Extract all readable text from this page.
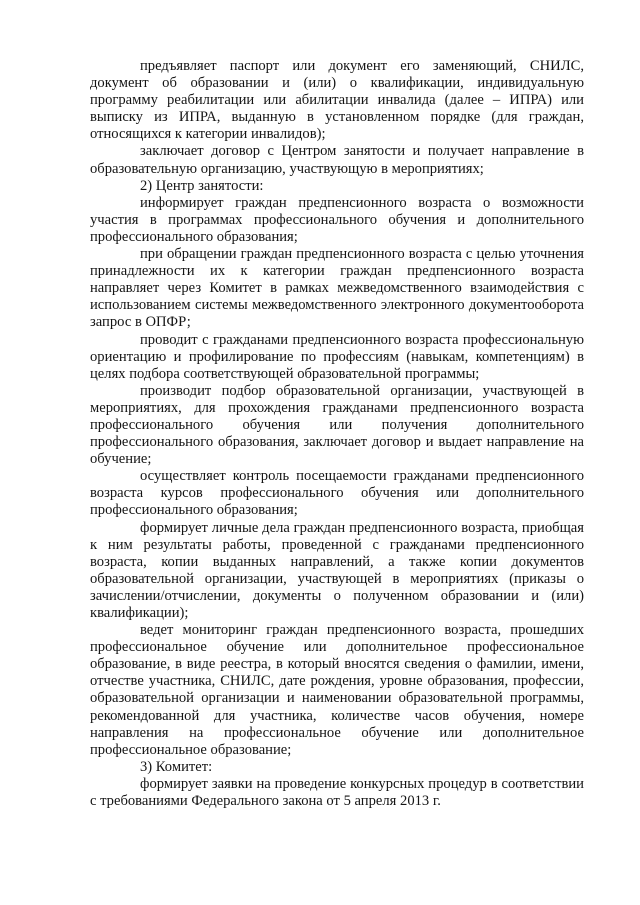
предъявляет паспорт или документ его заменяющий, СНИЛС, документ об образовании и (или) о квалификации, индивидуальную программу реабилитации или абилитации инвалида (далее – ИПРА) или выписку из ИПРА, выданную в установленном порядке (для граждан, относящихся к категории инвалидов);

заключает договор с Центром занятости и получает направление в образовательную организацию, участвующую в мероприятиях;

2) Центр занятости:

информирует граждан предпенсионного возраста о возможности участия в программах профессионального обучения и дополнительного профессионального образования;

при обращении граждан предпенсионного возраста с целью уточнения принадлежности их к категории граждан предпенсионного возраста направляет через Комитет в рамках межведомственного взаимодействия с использованием системы межведомственного электронного документооборота запрос в ОПФР;

проводит с гражданами предпенсионного возраста профессиональную ориентацию и профилирование по профессиям (навыкам, компетенциям) в целях подбора соответствующей образовательной программы;

производит подбор образовательной организации, участвующей в мероприятиях, для прохождения гражданами предпенсионного возраста профессионального обучения или получения дополнительного профессионального образования, заключает договор и выдает направление на обучение;

осуществляет контроль посещаемости гражданами предпенсионного возраста курсов профессионального обучения или дополнительного профессионального образования;

формирует личные дела граждан предпенсионного возраста, приобщая к ним результаты работы, проведенной с гражданами предпенсионного возраста, копии выданных направлений, а также копии документов образовательной организации, участвующей в мероприятиях (приказы о зачислении/отчислении, документы о полученном образовании и (или) квалификации);

ведет мониторинг граждан предпенсионного возраста, прошедших профессиональное обучение или дополнительное профессиональное образование, в виде реестра, в который вносятся сведения о фамилии, имени, отчестве участника, СНИЛС, дате рождения, уровне образования, профессии, образовательной организации и наименовании образовательной программы, рекомендованной для участника, количестве часов обучения, номере направления на профессиональное обучение или дополнительное профессиональное образование;

3) Комитет:

формирует заявки на проведение конкурсных процедур в соответствии с требованиями Федерального закона от 5 апреля 2013 г.
